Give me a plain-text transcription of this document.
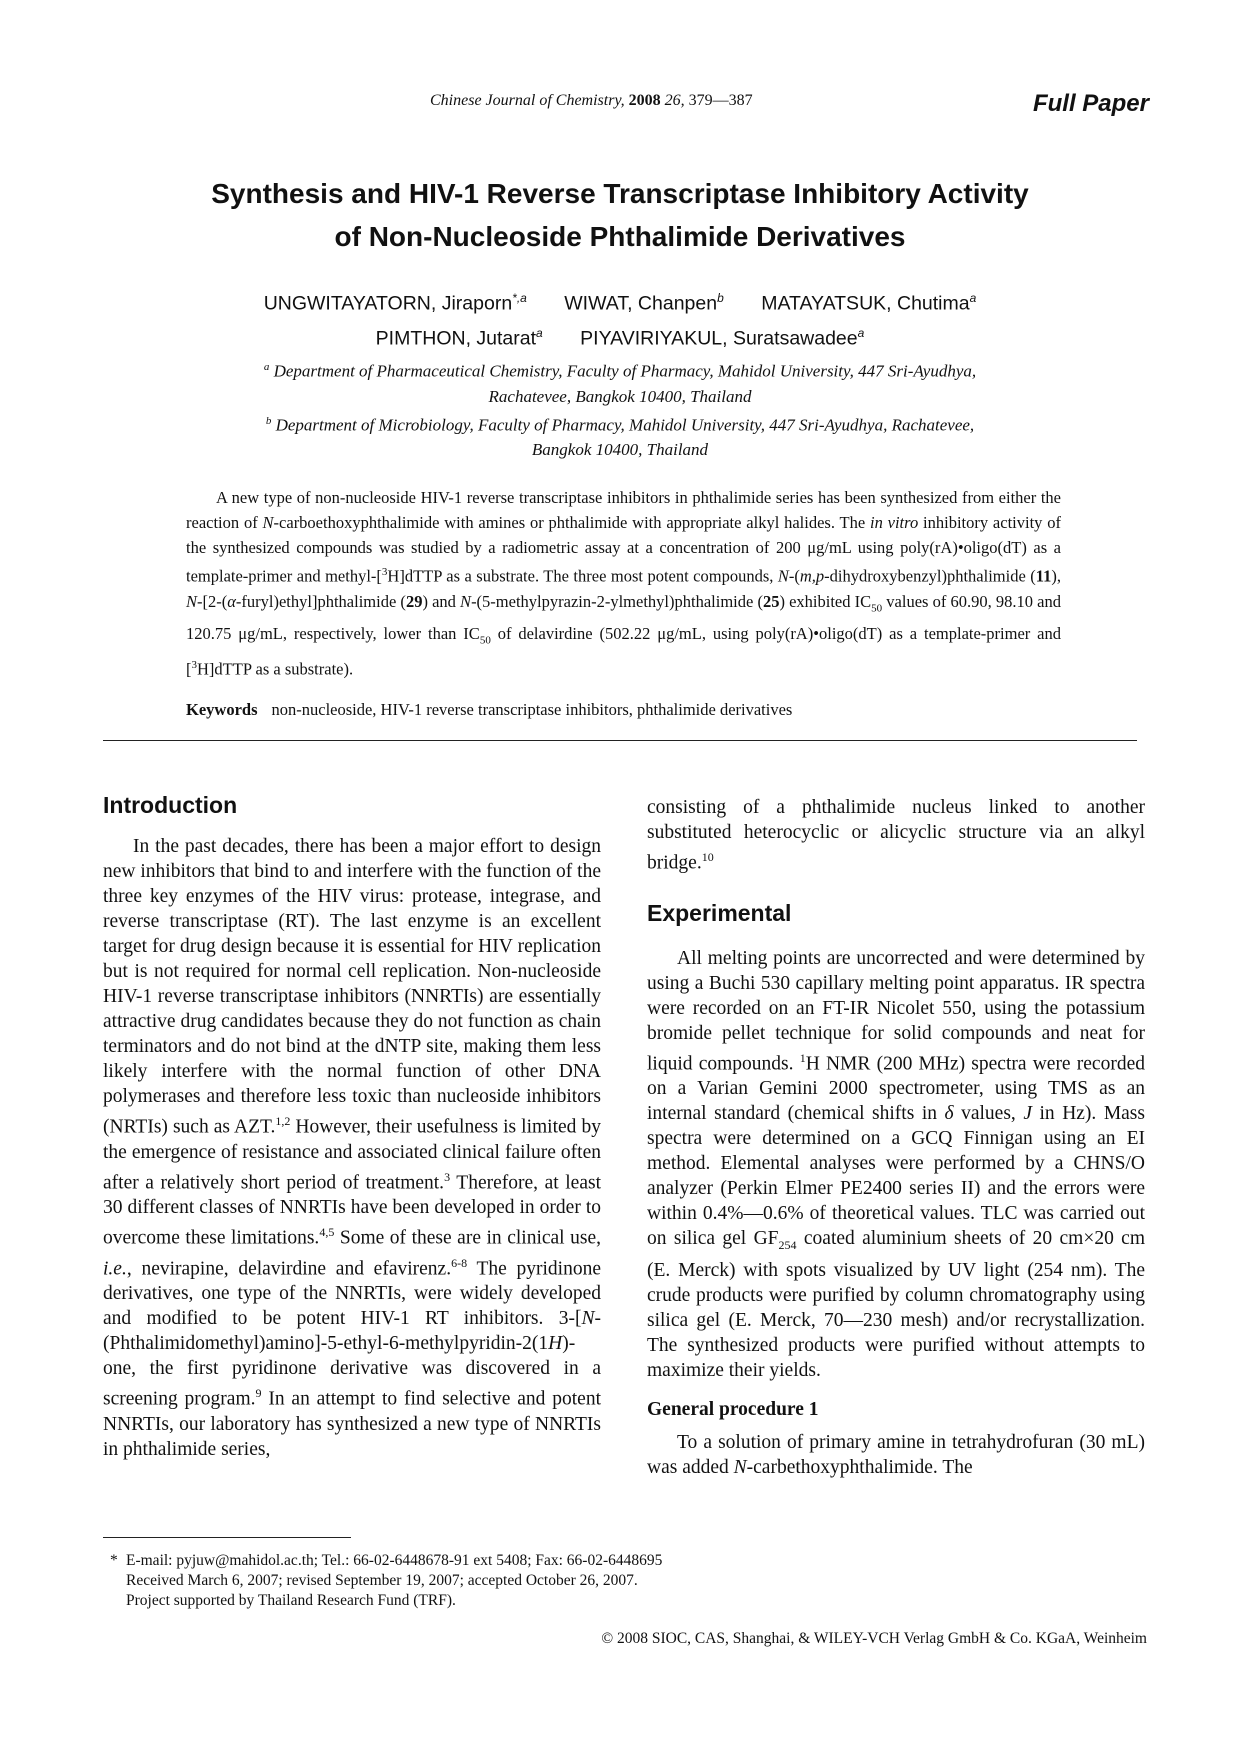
Chinese Journal of Chemistry, 2008 26, 379—387	Full Paper
Synthesis and HIV-1 Reverse Transcriptase Inhibitory Activity
of Non-Nucleoside Phthalimide Derivatives
UNGWITAYATORN, Jiraporn$^{*,a}$ WIWAT, Chanpen$^b$ MATAYATSUK, Chutima$^a$
PIMTHON, Jutarat$^a$ PIYAVIRIYAKUL, Suratsawadee$^a$
$^a$ Department of Pharmaceutical Chemistry, Faculty of Pharmacy, Mahidol University, 447 Sri-Ayudhya,
Rachatevee, Bangkok 10400, Thailand
$^b$ Department of Microbiology, Faculty of Pharmacy, Mahidol University, 447 Sri-Ayudhya, Rachatevee,
Bangkok 10400, Thailand
A new type of non-nucleoside HIV-1 reverse transcriptase inhibitors in phthalimide series has been synthesized from either the reaction of N-carboethoxyphthalimide with amines or phthalimide with appropriate alkyl halides. The in vitro inhibitory activity of the synthesized compounds was studied by a radiometric assay at a concentration of 200 μg/mL using poly(rA)•oligo(dT) as a template-primer and methyl-[$^3$H]dTTP as a substrate. The three most potent compounds, N-(m,p-dihydroxybenzyl)phthalimide (11), N-[2-(α-furyl)ethyl]phthalimide (29) and N-(5-methylpyrazin-2-ylmethyl)phthalimide (25) exhibited $IC_{50}$ values of 60.90, 98.10 and 120.75 μg/mL, respectively, lower than $IC_{50}$ of delavirdine (502.22 μg/mL, using poly(rA)•oligo(dT) as a template-primer and [$^3$H]dTTP as a substrate).
Keywords non-nucleoside, HIV-1 reverse transcriptase inhibitors, phthalimide derivatives
Introduction

In the past decades, there has been a major effort to design new inhibitors that bind to and interfere with the function of the three key enzymes of the HIV virus: protease, integrase, and reverse transcriptase (RT). The last enzyme is an excellent target for drug design because it is essential for HIV replication but is not required for normal cell replication. Non-nucleoside HIV-1 reverse transcriptase inhibitors (NNRTIs) are essentially attractive drug candidates because they do not function as chain terminators and do not bind at the dNTP site, making them less likely interfere with the normal function of other DNA polymerases and therefore less toxic than nucleoside inhibitors (NRTIs) such as AZT.$^{1,2}$ However, their usefulness is limited by the emergence of resistance and associated clinical failure often after a relatively short period of treatment.$^3$ Therefore, at least 30 different classes of NNRTIs have been developed in order to overcome these limitations.$^{4,5}$ Some of these are in clinical use, i.e., nevirapine, delavirdine and efavirenz.$^{6-8}$ The pyridinone derivatives, one type of the NNRTIs, were widely developed and modified to be potent HIV-1 RT inhibitors. 3-[N-(Phthalimidomethyl)amino]-5-ethyl-6-methylpyridin-2(1H)-one, the first pyridinone derivative was discovered in a screening program.$^9$ In an attempt to find selective and potent NNRTIs, our laboratory has synthesized a new type of NNRTIs in phthalimide series,

consisting of a phthalimide nucleus linked to another substituted heterocyclic or alicyclic structure via an alkyl bridge.$^{10}$

Experimental

All melting points are uncorrected and were determined by using a Buchi 530 capillary melting point apparatus. IR spectra were recorded on an FT-IR Nicolet 550, using the potassium bromide pellet technique for solid compounds and neat for liquid compounds. $^1$H NMR (200 MHz) spectra were recorded on a Varian Gemini 2000 spectrometer, using TMS as an internal standard (chemical shifts in δ values, J in Hz). Mass spectra were determined on a GCQ Finnigan using an EI method. Elemental analyses were performed by a CHNS/O analyzer (Perkin Elmer PE2400 series II) and the errors were within 0.4%—0.6% of theoretical values. TLC was carried out on silica gel $GF_{254}$ coated aluminium sheets of 20 cm×20 cm (E. Merck) with spots visualized by UV light (254 nm). The crude products were purified by column chromatography using silica gel (E. Merck, 70—230 mesh) and/or recrystallization. The synthesized products were purified without attempts to maximize their yields.

General procedure 1

To a solution of primary amine in tetrahydrofuran (30 mL) was added N-carbethoxyphthalimide. The

* E-mail: pyjuw@mahidol.ac.th; Tel.: 66-02-6448678-91 ext 5408; Fax: 66-02-6448695
Received March 6, 2007; revised September 19, 2007; accepted October 26, 2007.
Project supported by Thailand Research Fund (TRF).
© 2008 SIOC, CAS, Shanghai, & WILEY-VCH Verlag GmbH & Co. KGaA, Weinheim
